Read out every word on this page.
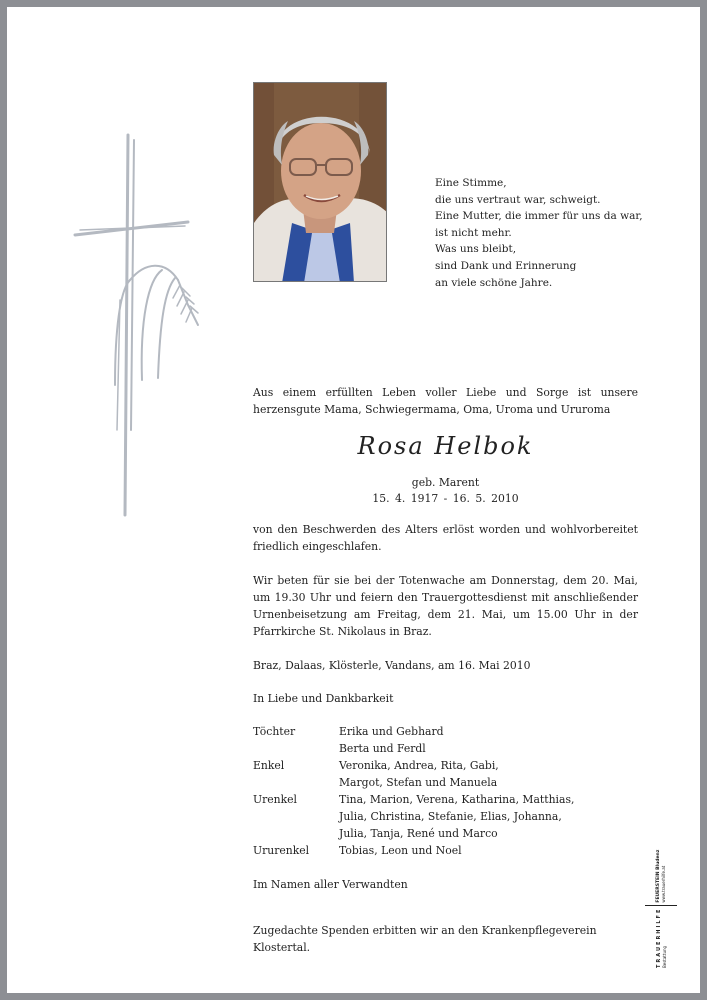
Eine Stimme,
die uns vertraut war, schweigt.
Eine Mutter, die immer für uns da war,
ist nicht mehr.
Was uns bleibt,
sind Dank und Erinnerung
an viele schöne Jahre.
Aus einem erfüllten Leben voller Liebe und Sorge ist unsere herzensgute Mama, Schwiegermama, Oma, Uroma und Ururoma
Rosa Helbok
geb. Marent
15. 4. 1917 - 16. 5. 2010
von den Beschwerden des Alters erlöst worden und wohlvorbereitet friedlich eingeschlafen.
Wir beten für sie bei der Totenwache am Donnerstag, dem 20. Mai, um 19.30 Uhr und feiern den Trauergottesdienst mit anschließender Urnenbeisetzung am Freitag, dem 21. Mai, um 15.00 Uhr in der Pfarrkirche St. Nikolaus in Braz.
Braz, Dalaas, Klösterle, Vandans, am 16. Mai 2010
In Liebe und Dankbarkeit
Töchter	Erika und Gebhard
Berta und Ferdl
Enkel	Veronika, Andrea, Rita, Gabi,
Margot, Stefan und Manuela
Urenkel	Tina, Marion, Verena, Katharina, Matthias,
Julia, Christina, Stefanie, Elias, Johanna,
Julia, Tanja, René und Marco
Ururenkel	Tobias, Leon und Noel
Im Namen aller Verwandten
Zugedachte Spenden erbitten wir an den Krankenpflegeverein Klostertal.	TRAUERHILFE Bestattung
FEUERSTEIN Bludenz www.trauerhilfe.at
